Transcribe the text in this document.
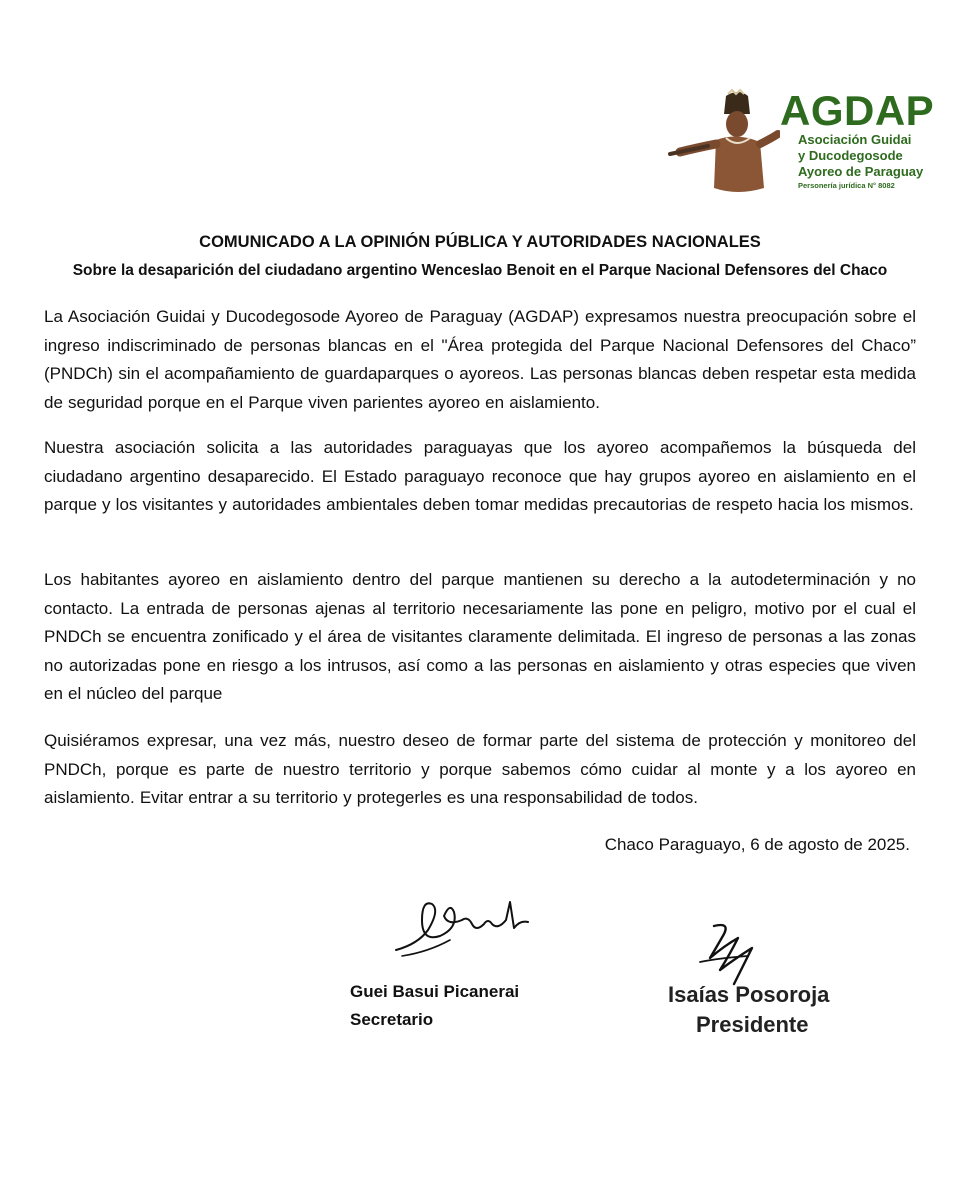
AGDAP
Asociación Guidai
y Ducodegosode
Ayoreo de Paraguay
Personería jurídica N° 8082
COMUNICADO A LA OPINIÓN PÚBLICA Y AUTORIDADES NACIONALES
Sobre la desaparición del ciudadano argentino Wenceslao Benoit en el Parque Nacional Defensores del Chaco

La Asociación Guidai y Ducodegosode Ayoreo de Paraguay (AGDAP) expresamos nuestra preocupación sobre el ingreso indiscriminado de personas blancas en el "Área protegida del Parque Nacional Defensores del Chaco” (PNDCh) sin el acompañamiento de guardaparques o ayoreos. Las personas blancas deben respetar esta medida de seguridad porque en el Parque viven parientes ayoreo en aislamiento.

Nuestra asociación solicita a las autoridades paraguayas que los ayoreo acompañemos la búsqueda del ciudadano argentino desaparecido. El Estado paraguayo reconoce que hay grupos ayoreo en aislamiento en el parque y los visitantes y autoridades ambientales deben tomar medidas precautorias de respeto hacia los mismos.

Los habitantes ayoreo en aislamiento dentro del parque mantienen su derecho a la autodeterminación y no contacto. La entrada de personas ajenas al territorio necesariamente las pone en peligro, motivo por el cual el PNDCh se encuentra zonificado y el área de visitantes claramente delimitada. El ingreso de personas a las zonas no autorizadas pone en riesgo a los intrusos, así como a las personas en aislamiento y otras especies que viven en el núcleo del parque

Quisiéramos expresar, una vez más, nuestro deseo de formar parte del sistema de protección y monitoreo del PNDCh, porque es parte de nuestro territorio y porque sabemos cómo cuidar al monte y a los ayoreo en aislamiento. Evitar entrar a su territorio y protegerles es una responsabilidad de todos.

Chaco Paraguayo, 6 de agosto de 2025.
Guei Basui Picanerai
Secretario
Isaías Posoroja
Presidente
